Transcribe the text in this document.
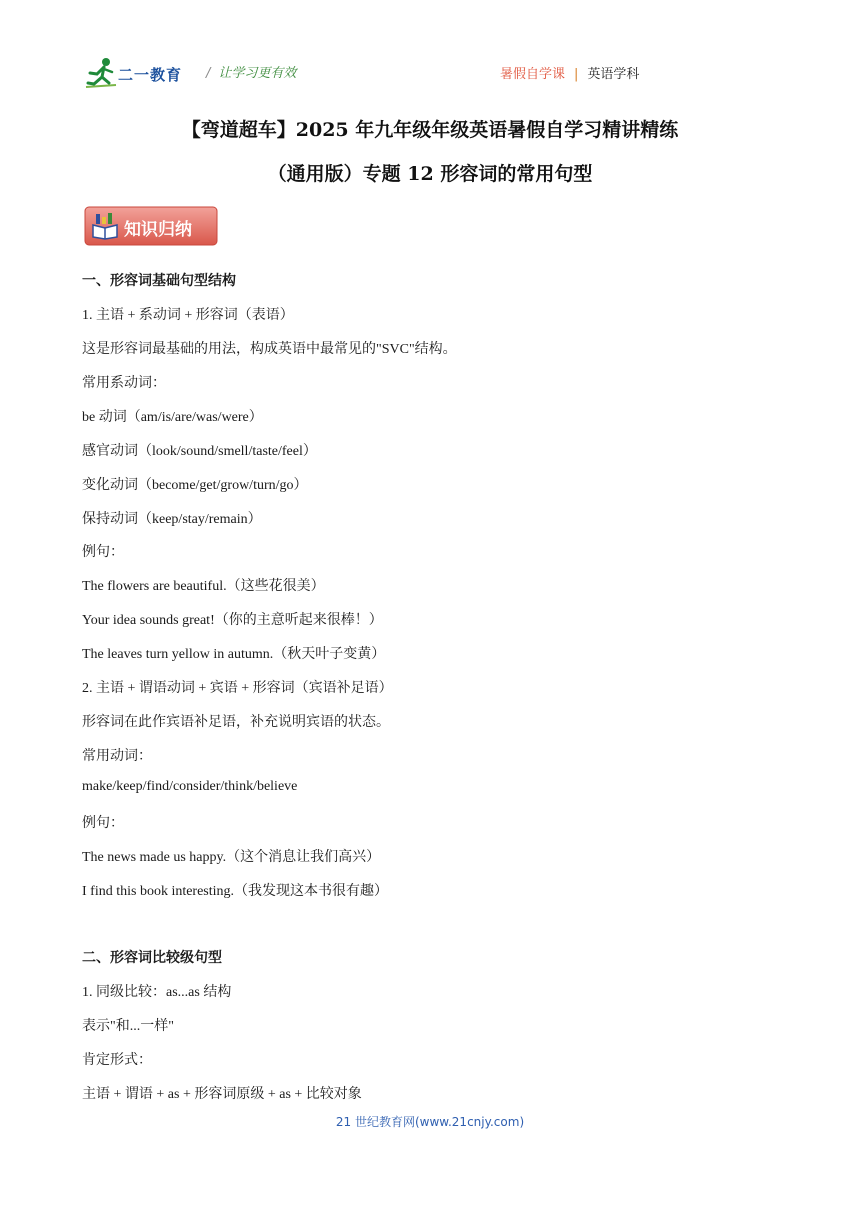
二一教育 / 让学习更有效	暑假自学课 | 英语学科
【弯道超车】2025 年九年级年级英语暑假自学习精讲精练
（通用版）专题 12 形容词的常用句型
知识归纳
一、形容词基础句型结构
1. 主语 + 系动词 + 形容词（表语）
这是形容词最基础的用法，构成英语中最常见的"SVC"结构。
常用系动词：
be 动词（am/is/are/was/were）
感官动词（look/sound/smell/taste/feel）
变化动词（become/get/grow/turn/go）
保持动词（keep/stay/remain）
例句：
The flowers are beautiful.（这些花很美）
Your idea sounds great!（你的主意听起来很棒！）
The leaves turn yellow in autumn.（秋天叶子变黄）
2. 主语 + 谓语动词 + 宾语 + 形容词（宾语补足语）
形容词在此作宾语补足语，补充说明宾语的状态。
常用动词：
make/keep/find/consider/think/believe
例句：
The news made us happy.（这个消息让我们高兴）
I find this book interesting.（我发现这本书很有趣）
二、形容词比较级句型
1. 同级比较：as...as 结构
表示"和...一样"
肯定形式：
主语 + 谓语 + as + 形容词原级 + as + 比较对象
21 世纪教育网(www.21cnjy.com)
